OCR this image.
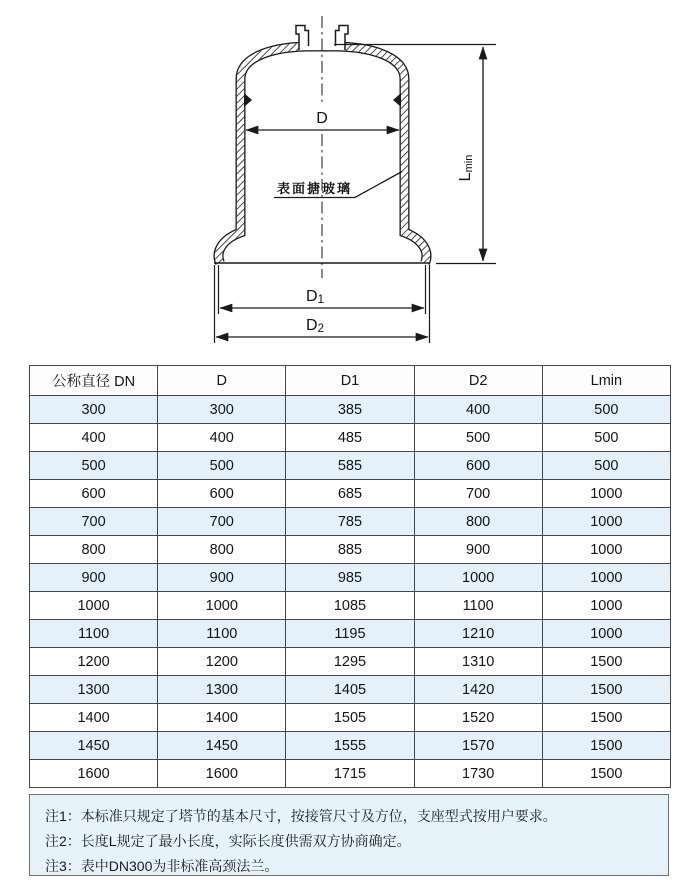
D
表面搪玻璃
Lmin
D1
D2
公称直径 DN	D	D1	D2	Lmin
300	300	385	400	500
400	400	485	500	500
500	500	585	600	500
600	600	685	700	1000
700	700	785	800	1000
800	800	885	900	1000
900	900	985	1000	1000
1000	1000	1085	1100	1000
1100	1100	1195	1210	1000
1200	1200	1295	1310	1500
1300	1300	1405	1420	1500
1400	1400	1505	1520	1500
1450	1450	1555	1570	1500
1600	1600	1715	1730	1500
注1：本标准只规定了塔节的基本尺寸，按接管尺寸及方位，支座型式按用户要求。
注2：长度L规定了最小长度，实际长度供需双方协商确定。
注3：表中DN300为非标准高颈法兰。
